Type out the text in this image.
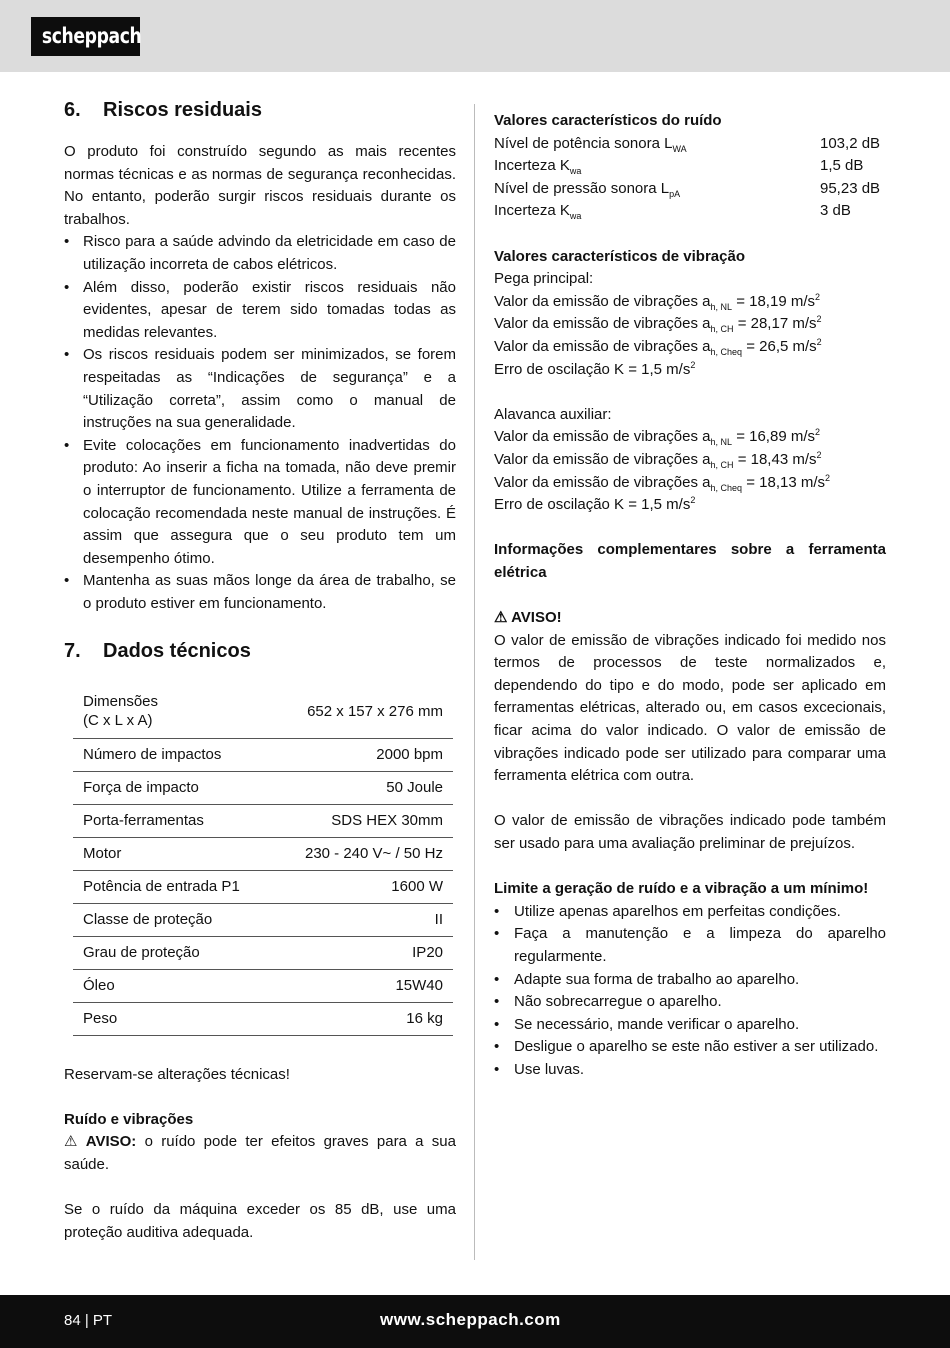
scheppach
6.	Riscos residuais

O produto foi construído segundo as mais recentes normas técnicas e as normas de segurança reconhecidas. No entanto, poderão surgir riscos residuais durante os trabalhos.

• Risco para a saúde advindo da eletricidade em caso de utilização incorreta de cabos elétricos.
• Além disso, poderão existir riscos residuais não evidentes, apesar de terem sido tomadas todas as medidas relevantes.
• Os riscos residuais podem ser minimizados, se forem respeitadas as “Indicações de segurança” e a “Utilização correta”, assim como o manual de instruções na sua generalidade.
• Evite colocações em funcionamento inadvertidas do produto: Ao inserir a ficha na tomada, não deve premir o interruptor de funcionamento. Utilize a ferramenta de colocação recomendada neste manual de instruções. É assim que assegura que o seu produto tem um desempenho ótimo.
• Mantenha as suas mãos longe da área de trabalho, se o produto estiver em funcionamento.
7.	Dados técnicos
Dimensões
(C x L x A)	652 x 157 x 276 mm
Número de impactos	2000 bpm
Força de impacto	50 Joule
Porta-ferramentas	SDS HEX 30mm
Motor	230 - 240 V~ / 50 Hz
Potência de entrada P1	1600 W
Classe de proteção	II
Grau de proteção	IP20
Óleo	15W40
Peso	16 kg

Reservam-se alterações técnicas!

Ruído e vibrações

⚠ AVISO: o ruído pode ter efeitos graves para a sua saúde.

Se o ruído da máquina exceder os 85 dB, use uma proteção auditiva adequada.

Valores característicos do ruído

Nível de potência sonora $L_{WA}$	103,2 dB
Incerteza $K_{wa}$	1,5 dB
Nível de pressão sonora $L_{pA}$	95,23 dB
Incerteza $K_{wa}$	3 dB

Valores característicos de vibração

Pega principal:

Valor da emissão de vibrações $a_{h, NL} = 18,19$ $m/s^2$

Valor da emissão de vibrações $a_{h, CH} = 28,17$ $m/s^2$

Valor da emissão de vibrações $a_{h, Cheq} = 26,5$ $m/s^2$

Erro de oscilação K = 1,5 $m/s^2$

Alavanca auxiliar:

Valor da emissão de vibrações $a_{h, NL} = 16,89$ $m/s^2$

Valor da emissão de vibrações $a_{h, CH} = 18,43$ $m/s^2$

Valor da emissão de vibrações $a_{h, Cheq} = 18,13$ $m/s^2$

Erro de oscilação K = 1,5 $m/s^2$

Informações complementares sobre a ferramenta elétrica

⚠ AVISO!

O valor de emissão de vibrações indicado foi medido nos termos de processos de teste normalizados e, dependendo do tipo e do modo, pode ser aplicado em ferramentas elétricas, alterado ou, em casos excecionais, ficar acima do valor indicado. O valor de emissão de vibrações indicado pode ser utilizado para comparar uma ferramenta elétrica com outra.

O valor de emissão de vibrações indicado pode também ser usado para uma avaliação preliminar de prejuízos.

Limite a geração de ruído e a vibração a um mínimo!

• Utilize apenas aparelhos em perfeitas condições.
• Faça a manutenção e a limpeza do aparelho regularmente.
• Adapte sua forma de trabalho ao aparelho.
• Não sobrecarregue o aparelho.
• Se necessário, mande verificar o aparelho.
• Desligue o aparelho se este não estiver a ser utilizado.
• Use luvas.
84 | PT	www.scheppach.com
